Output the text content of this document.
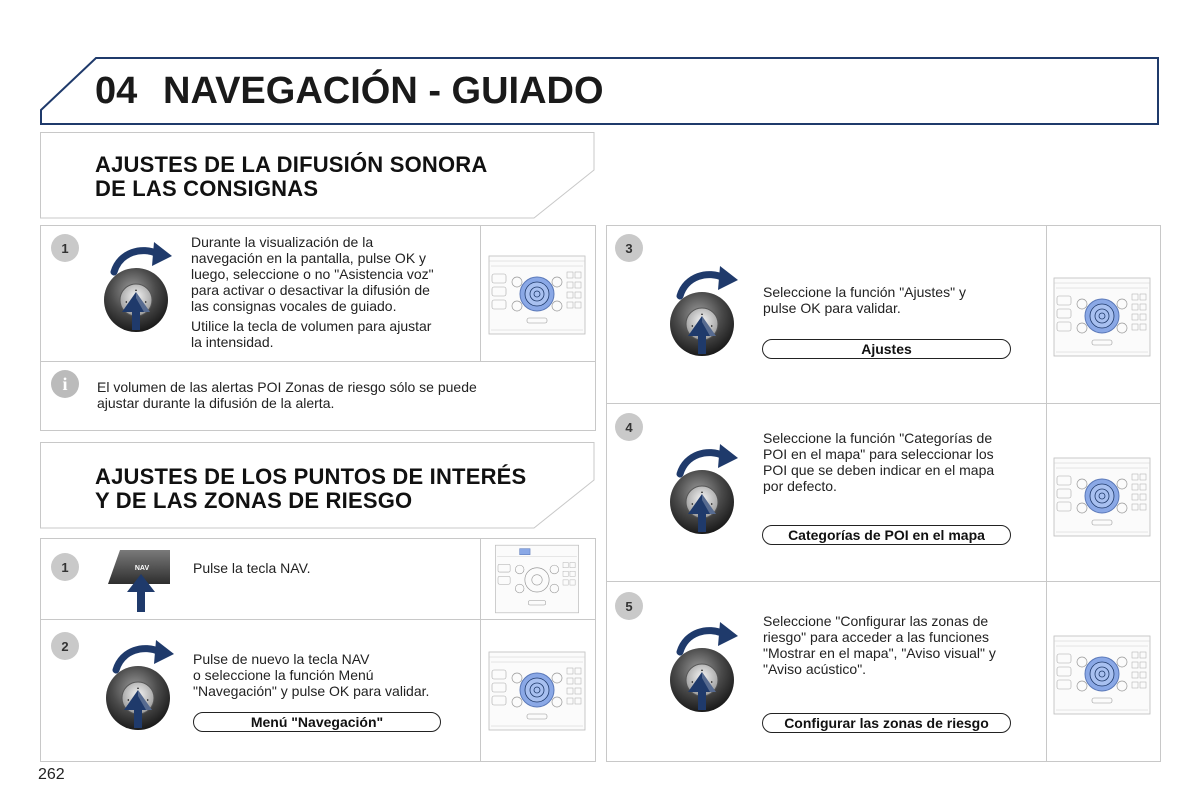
04 NAVEGACIÓN - GUIADO
AJUSTES DE LA DIFUSIÓN SONORA
DE LAS CONSIGNAS
1	Durante la visualización de la
navegación en la pantalla, pulse OK y
luego, seleccione o no "Asistencia voz"
para activar o desactivar la difusión de
las consignas vocales de guiado.
Utilice la tecla de volumen para ajustar
la intensidad.
i	El volumen de las alertas POI Zonas de riesgo sólo se puede
ajustar durante la difusión de la alerta.
AJUSTES DE LOS PUNTOS DE INTERÉS
Y DE LAS ZONAS DE RIESGO
1	NAV	Pulse la tecla NAV.
2
Pulse de nuevo la tecla NAV
o seleccione la función Menú
"Navegación" y pulse OK para validar.
Menú "Navegación"
3
Seleccione la función "Ajustes" y
pulse OK para validar.
Ajustes
4
Seleccione la función "Categorías de
POI en el mapa" para seleccionar los
POI que se deben indicar en el mapa
por defecto.
Categorías de POI en el mapa
5
Seleccione "Configurar las zonas de
riesgo" para acceder a las funciones
"Mostrar en el mapa", "Aviso visual" y
"Aviso acústico".
Configurar las zonas de riesgo
262
